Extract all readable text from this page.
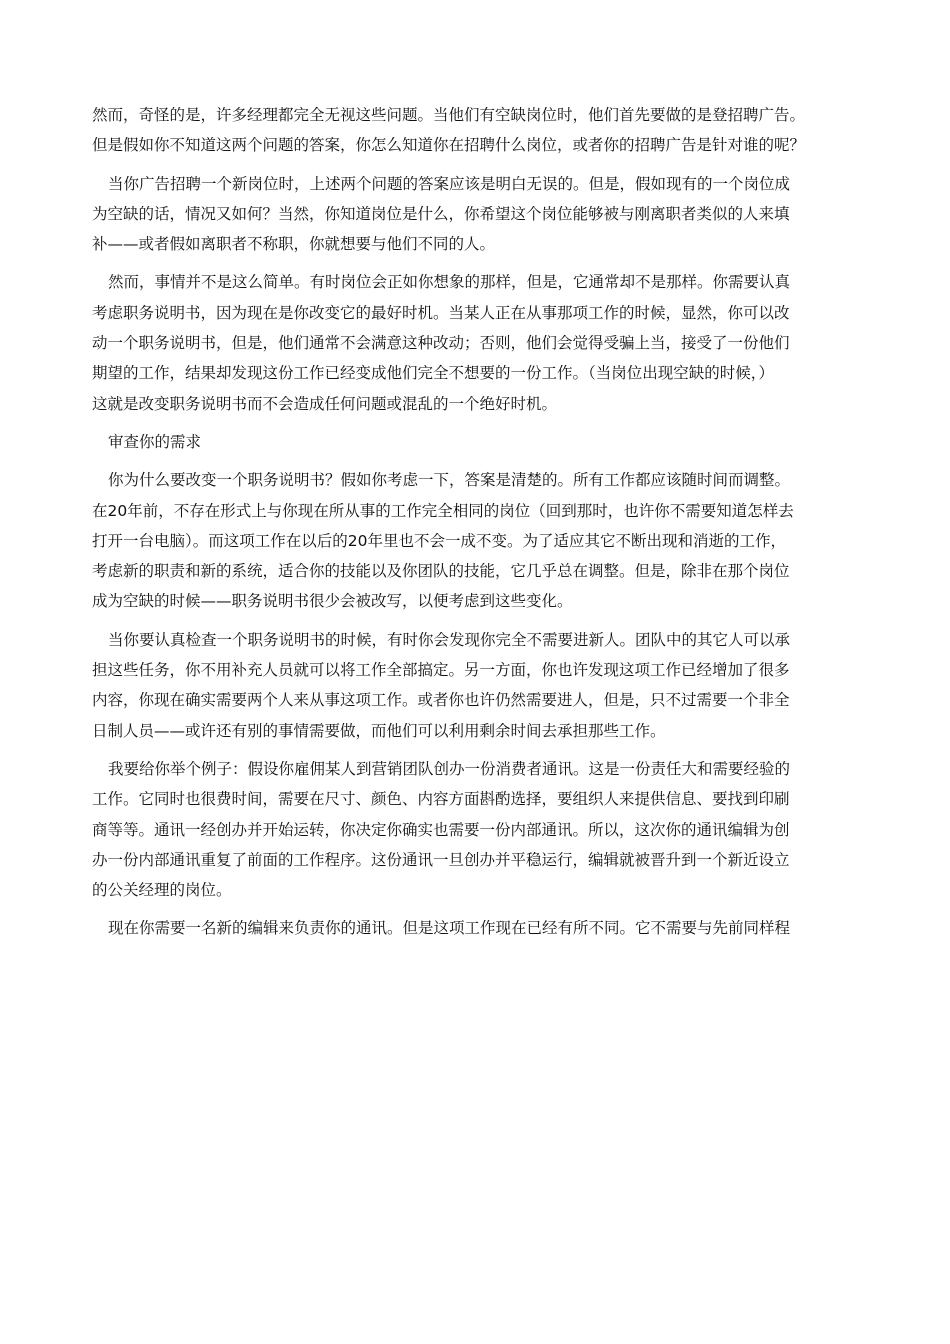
然而，奇怪的是，许多经理都完全无视这些问题。当他们有空缺岗位时，他们首先要做的是登招聘广告。
但是假如你不知道这两个问题的答案，你怎么知道你在招聘什么岗位，或者你的招聘广告是针对谁的呢？
当你广告招聘一个新岗位时，上述两个问题的答案应该是明白无误的。但是，假如现有的一个岗位成
为空缺的话，情况又如何？当然，你知道岗位是什么，你希望这个岗位能够被与刚离职者类似的人来填
补——或者假如离职者不称职，你就想要与他们不同的人。
然而，事情并不是这么简单。有时岗位会正如你想象的那样，但是，它通常却不是那样。你需要认真
考虑职务说明书，因为现在是你改变它的最好时机。当某人正在从事那项工作的时候，显然，你可以改
动一个职务说明书，但是，他们通常不会满意这种改动；否则，他们会觉得受骗上当，接受了一份他们
期望的工作，结果却发现这份工作已经变成他们完全不想要的一份工作。（当岗位出现空缺的时候，）
这就是改变职务说明书而不会造成任何问题或混乱的一个绝好时机。
审查你的需求
你为什么要改变一个职务说明书？假如你考虑一下，答案是清楚的。所有工作都应该随时间而调整。
在20年前，不存在形式上与你现在所从事的工作完全相同的岗位（回到那时，也许你不需要知道怎样去
打开一台电脑）。而这项工作在以后的20年里也不会一成不变。为了适应其它不断出现和消逝的工作，
考虑新的职责和新的系统，适合你的技能以及你团队的技能，它几乎总在调整。但是，除非在那个岗位
成为空缺的时候——职务说明书很少会被改写，以便考虑到这些变化。
当你要认真检查一个职务说明书的时候，有时你会发现你完全不需要进新人。团队中的其它人可以承
担这些任务，你不用补充人员就可以将工作全部搞定。另一方面，你也许发现这项工作已经增加了很多
内容，你现在确实需要两个人来从事这项工作。或者你也许仍然需要进人，但是，只不过需要一个非全
日制人员——或许还有别的事情需要做，而他们可以利用剩余时间去承担那些工作。
我要给你举个例子：假设你雇佣某人到营销团队创办一份消费者通讯。这是一份责任大和需要经验的
工作。它同时也很费时间，需要在尺寸、颜色、内容方面斟酌选择，要组织人来提供信息、要找到印刷
商等等。通讯一经创办并开始运转，你决定你确实也需要一份内部通讯。所以，这次你的通讯编辑为创
办一份内部通讯重复了前面的工作程序。这份通讯一旦创办并平稳运行，编辑就被晋升到一个新近设立
的公关经理的岗位。
现在你需要一名新的编辑来负责你的通讯。但是这项工作现在已经有所不同。它不需要与先前同样程
